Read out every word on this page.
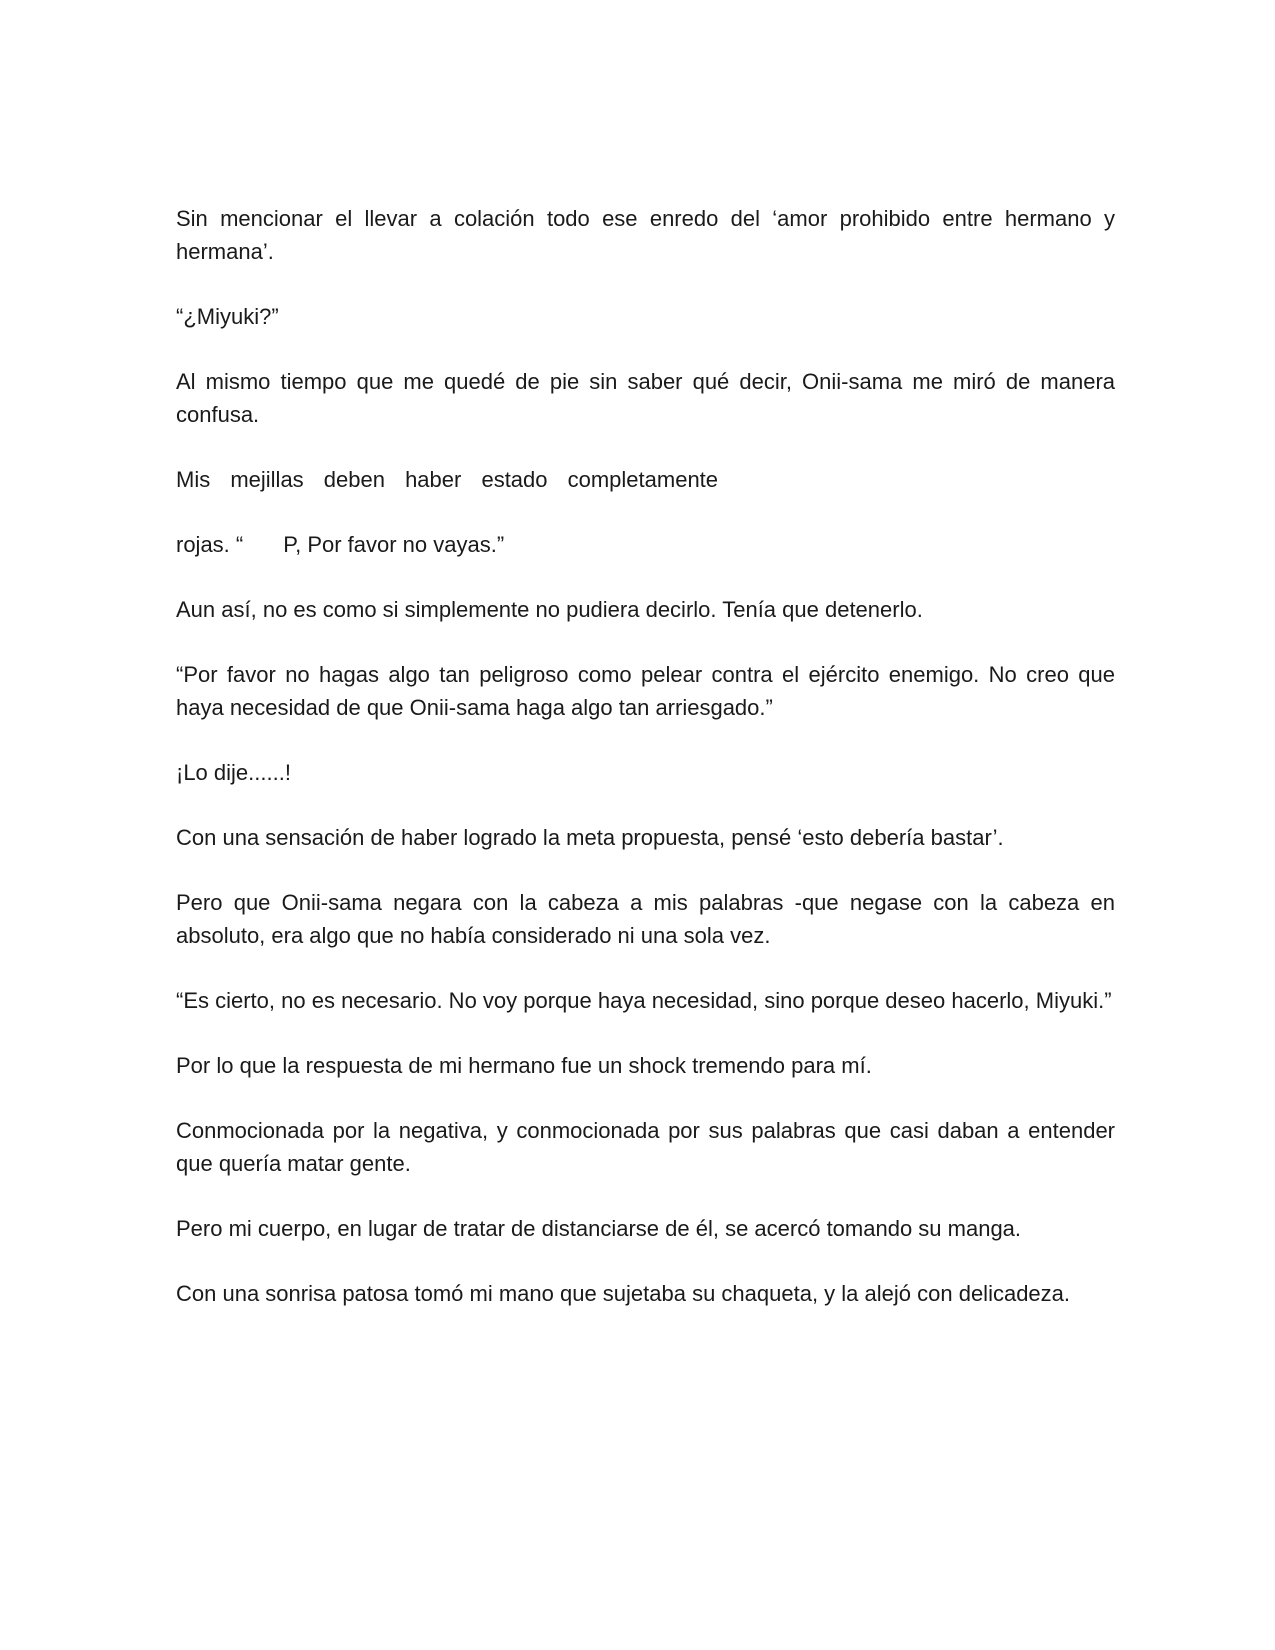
Sin mencionar el llevar a colación todo ese enredo del ‘amor prohibido entre hermano y hermana’.

“¿Miyuki?”

Al mismo tiempo que me quedé de pie sin saber qué decir, Onii-sama me miró de manera confusa.

Mis mejillas deben haber estado completamente

rojas. “ P, Por favor no vayas.”

Aun así, no es como si simplemente no pudiera decirlo. Tenía que detenerlo.

“Por favor no hagas algo tan peligroso como pelear contra el ejército enemigo. No creo que haya necesidad de que Onii-sama haga algo tan arriesgado.”

¡Lo dije......!

Con una sensación de haber logrado la meta propuesta, pensé ‘esto debería bastar’.

Pero que Onii-sama negara con la cabeza a mis palabras -que negase con la cabeza en absoluto, era algo que no había considerado ni una sola vez.

“Es cierto, no es necesario. No voy porque haya necesidad, sino porque deseo hacerlo, Miyuki.”

Por lo que la respuesta de mi hermano fue un shock tremendo para mí.

Conmocionada por la negativa, y conmocionada por sus palabras que casi daban a entender que quería matar gente.

Pero mi cuerpo, en lugar de tratar de distanciarse de él, se acercó tomando su manga.

Con una sonrisa patosa tomó mi mano que sujetaba su chaqueta, y la alejó con delicadeza.
